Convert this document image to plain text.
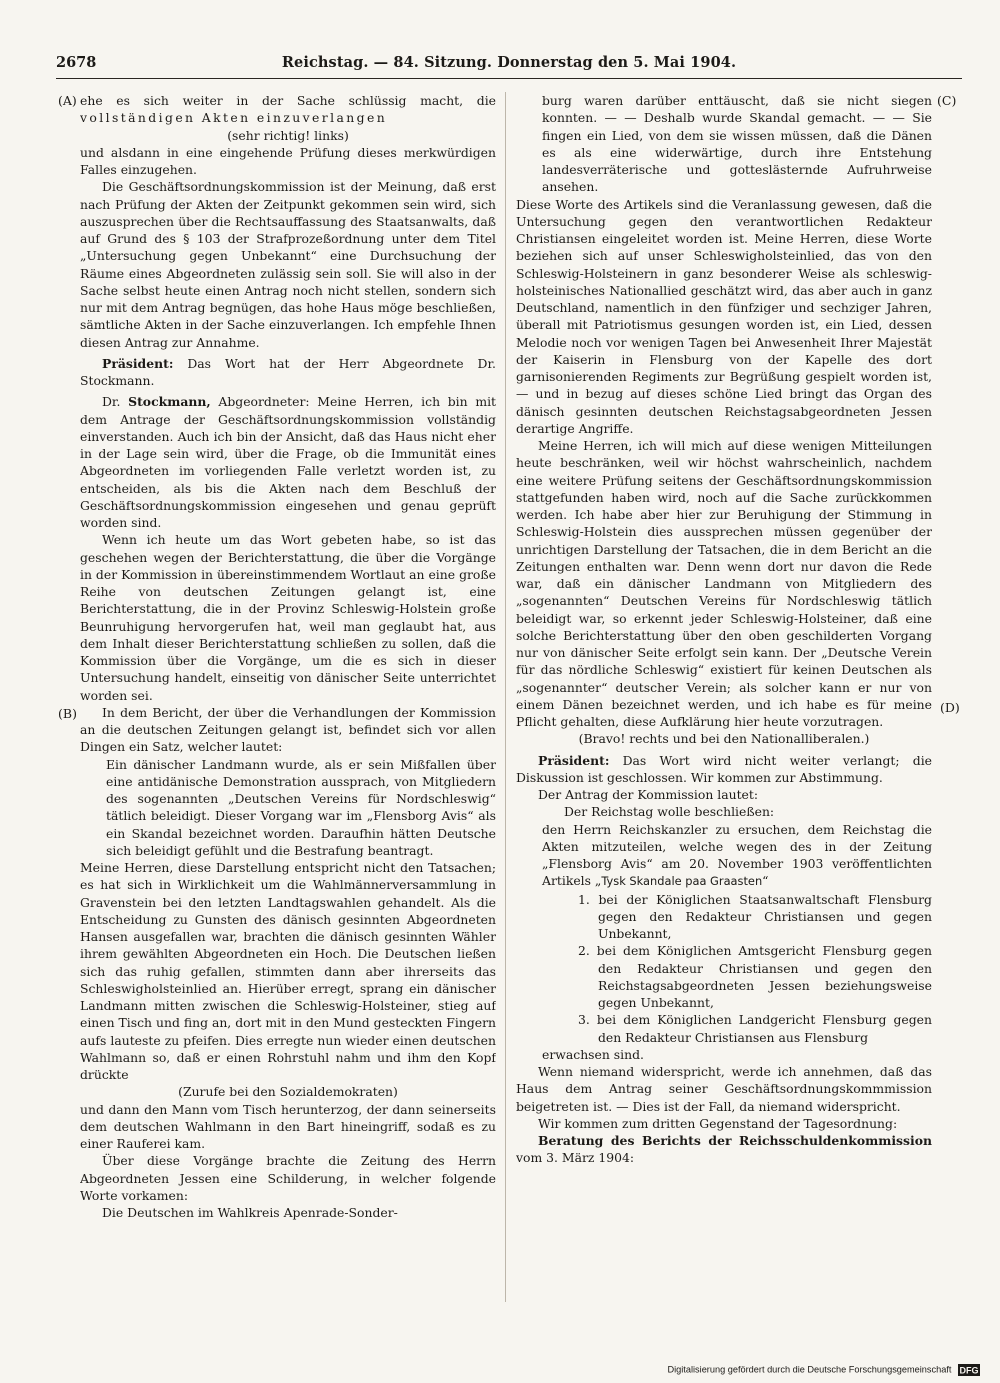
2678	Reichstag. — 84. Sitzung. Donnerstag den 5. Mai 1904.
(A)
(B)
(C)
(D)

ehe es sich weiter in der Sache schlüssig macht, die vollständigen Akten einzuverlangen

(sehr richtig! links)

und alsdann in eine eingehende Prüfung dieses merkwürdigen Falles einzugehen.

Die Geschäftsordnungskommission ist der Meinung, daß erst nach Prüfung der Akten der Zeitpunkt gekommen sein wird, sich auszusprechen über die Rechtsauffassung des Staatsanwalts, daß auf Grund des § 103 der Strafprozeßordnung unter dem Titel „Untersuchung gegen Unbekannt“ eine Durchsuchung der Räume eines Abgeordneten zulässig sein soll. Sie will also in der Sache selbst heute einen Antrag noch nicht stellen, sondern sich nur mit dem Antrag begnügen, das hohe Haus möge beschließen, sämtliche Akten in der Sache einzuverlangen. Ich empfehle Ihnen diesen Antrag zur Annahme.

Präsident: Das Wort hat der Herr Abgeordnete Dr. Stockmann.

Dr. Stockmann, Abgeordneter: Meine Herren, ich bin mit dem Antrage der Geschäftsordnungskommission vollständig einverstanden. Auch ich bin der Ansicht, daß das Haus nicht eher in der Lage sein wird, über die Frage, ob die Immunität eines Abgeordneten im vorliegenden Falle verletzt worden ist, zu entscheiden, als bis die Akten nach dem Beschluß der Geschäftsordnungskommission eingesehen und genau geprüft worden sind.

Wenn ich heute um das Wort gebeten habe, so ist das geschehen wegen der Berichterstattung, die über die Vorgänge in der Kommission in übereinstimmendem Wortlaut an eine große Reihe von deutschen Zeitungen gelangt ist, eine Berichterstattung, die in der Provinz Schleswig-Holstein große Beunruhigung hervorgerufen hat, weil man geglaubt hat, aus dem Inhalt dieser Berichterstattung schließen zu sollen, daß die Kommission über die Vorgänge, um die es sich in dieser Untersuchung handelt, einseitig von dänischer Seite unterrichtet worden sei.

In dem Bericht, der über die Verhandlungen der Kommission an die deutschen Zeitungen gelangt ist, befindet sich vor allen Dingen ein Satz, welcher lautet:

Ein dänischer Landmann wurde, als er sein Mißfallen über eine antidänische Demonstration aussprach, von Mitgliedern des sogenannten „Deutschen Vereins für Nordschleswig“ tätlich beleidigt. Dieser Vorgang war im „Flensborg Avis“ als ein Skandal bezeichnet worden. Daraufhin hätten Deutsche sich beleidigt gefühlt und die Bestrafung beantragt.

Meine Herren, diese Darstellung entspricht nicht den Tatsachen; es hat sich in Wirklichkeit um die Wahlmännerversammlung in Gravenstein bei den letzten Landtagswahlen gehandelt. Als die Entscheidung zu Gunsten des dänisch gesinnten Abgeordneten Hansen ausgefallen war, brachten die dänisch gesinnten Wähler ihrem gewählten Abgeordneten ein Hoch. Die Deutschen ließen sich das ruhig gefallen, stimmten dann aber ihrerseits das Schleswigholsteinlied an. Hierüber erregt, sprang ein dänischer Landmann mitten zwischen die Schleswig-Holsteiner, stieg auf einen Tisch und fing an, dort mit in den Mund gesteckten Fingern aufs lauteste zu pfeifen. Dies erregte nun wieder einen deutschen Wahlmann so, daß er einen Rohrstuhl nahm und ihm den Kopf drückte

(Zurufe bei den Sozialdemokraten)

und dann den Mann vom Tisch herunterzog, der dann seinerseits dem deutschen Wahlmann in den Bart hineingriff, sodaß es zu einer Rauferei kam.

Über diese Vorgänge brachte die Zeitung des Herrn Abgeordneten Jessen eine Schilderung, in welcher folgende Worte vorkamen:

Die Deutschen im Wahlkreis Apenrade-Sonder-

burg waren darüber enttäuscht, daß sie nicht siegen konnten. — — Deshalb wurde Skandal gemacht. — — Sie fingen ein Lied, von dem sie wissen müssen, daß die Dänen es als eine widerwärtige, durch ihre Entstehung landesverräterische und gotteslästernde Aufruhrweise ansehen.

Diese Worte des Artikels sind die Veranlassung gewesen, daß die Untersuchung gegen den verantwortlichen Redakteur Christiansen eingeleitet worden ist. Meine Herren, diese Worte beziehen sich auf unser Schleswigholsteinlied, das von den Schleswig-Holsteinern in ganz besonderer Weise als schleswig-holsteinisches Nationallied geschätzt wird, das aber auch in ganz Deutschland, namentlich in den fünfziger und sechziger Jahren, überall mit Patriotismus gesungen worden ist, ein Lied, dessen Melodie noch vor wenigen Tagen bei Anwesenheit Ihrer Majestät der Kaiserin in Flensburg von der Kapelle des dort garnisonierenden Regiments zur Begrüßung gespielt worden ist, — und in bezug auf dieses schöne Lied bringt das Organ des dänisch gesinnten deutschen Reichstagsabgeordneten Jessen derartige Angriffe.

Meine Herren, ich will mich auf diese wenigen Mitteilungen heute beschränken, weil wir höchst wahrscheinlich, nachdem eine weitere Prüfung seitens der Geschäftsordnungskommission stattgefunden haben wird, noch auf die Sache zurückkommen werden. Ich habe aber hier zur Beruhigung der Stimmung in Schleswig-Holstein dies aussprechen müssen gegenüber der unrichtigen Darstellung der Tatsachen, die in dem Bericht an die Zeitungen enthalten war. Denn wenn dort nur davon die Rede war, daß ein dänischer Landmann von Mitgliedern des „sogenannten“ Deutschen Vereins für Nordschleswig tätlich beleidigt war, so erkennt jeder Schleswig-Holsteiner, daß eine solche Berichterstattung über den oben geschilderten Vorgang nur von dänischer Seite erfolgt sein kann. Der „Deutsche Verein für das nördliche Schleswig“ existiert für keinen Deutschen als „sogenannter“ deutscher Verein; als solcher kann er nur von einem Dänen bezeichnet werden, und ich habe es für meine Pflicht gehalten, diese Aufklärung hier heute vorzutragen.

(Bravo! rechts und bei den Nationalliberalen.)

Präsident: Das Wort wird nicht weiter verlangt; die Diskussion ist geschlossen. Wir kommen zur Abstimmung.

Der Antrag der Kommission lautet:

Der Reichstag wolle beschließen:

den Herrn Reichskanzler zu ersuchen, dem Reichstag die Akten mitzuteilen, welche wegen des in der Zeitung „Flensborg Avis“ am 20. November 1903 veröffentlichten Artikels „Tysk Skandale paa Graasten“

1. bei der Königlichen Staatsanwaltschaft Flensburg gegen den Redakteur Christiansen und gegen Unbekannt,

2. bei dem Königlichen Amtsgericht Flensburg gegen den Redakteur Christiansen und gegen den Reichstagsabgeordneten Jessen beziehungsweise gegen Unbekannt,

3. bei dem Königlichen Landgericht Flensburg gegen den Redakteur Christiansen aus Flensburg

erwachsen sind.

Wenn niemand widerspricht, werde ich annehmen, daß das Haus dem Antrag seiner Geschäftsordnungskommmission beigetreten ist. — Dies ist der Fall, da niemand widerspricht.

Wir kommen zum dritten Gegenstand der Tagesordnung:

Beratung des Berichts der Reichsschuldenkommission vom 3. März 1904:

Digitalisierung gefördert durch die Deutsche Forschungsgemeinschaft DFG
